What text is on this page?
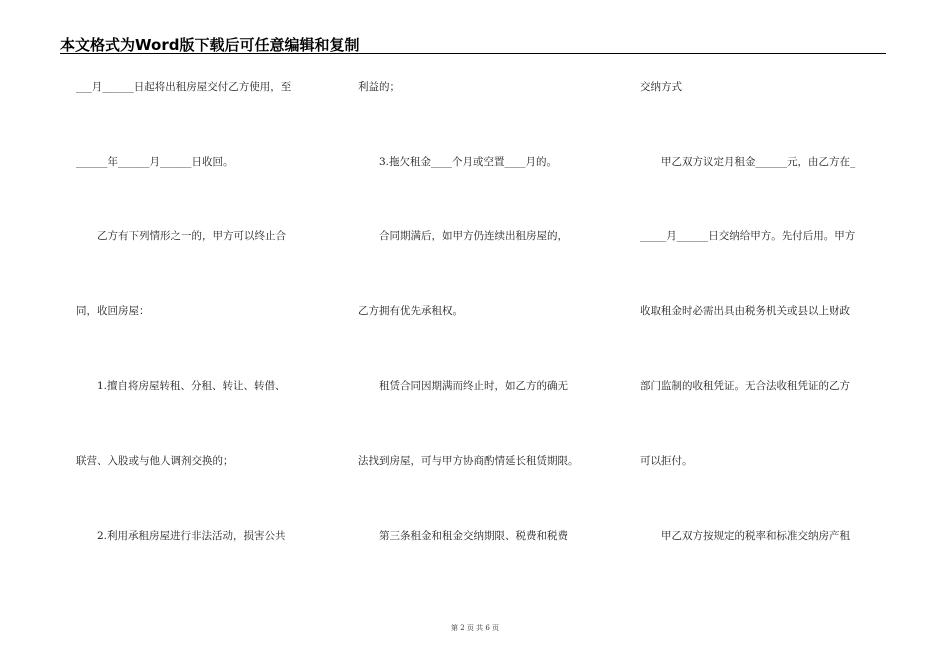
本文格式为Word版下载后可任意编辑和复制
___月______日起将出租房屋交付乙方使用，至
______年______月______日收回。
　　乙方有下列情形之一的，甲方可以终止合
同，收回房屋：
　　1.擅自将房屋转租、分租、转让、转借、
联营、入股或与他人调剂交换的；
　　2.利用承租房屋进行非法活动，损害公共
利益的；
　　3.拖欠租金____个月或空置____月的。
　　合同期满后，如甲方仍连续出租房屋的，
乙方拥有优先承租权。
　　租赁合同因期满而终止时，如乙方的确无
法找到房屋，可与甲方协商酌情延长租赁期限。
　　第三条租金和租金交纳期限、税费和税费
交纳方式
　　甲乙双方议定月租金______元，由乙方在_
_____月______日交纳给甲方。先付后用。甲方
收取租金时必需出具由税务机关或县以上财政
部门监制的收租凭证。无合法收租凭证的乙方
可以拒付。
　　甲乙双方按规定的税率和标准交纳房产租
第 2 页 共 6 页
